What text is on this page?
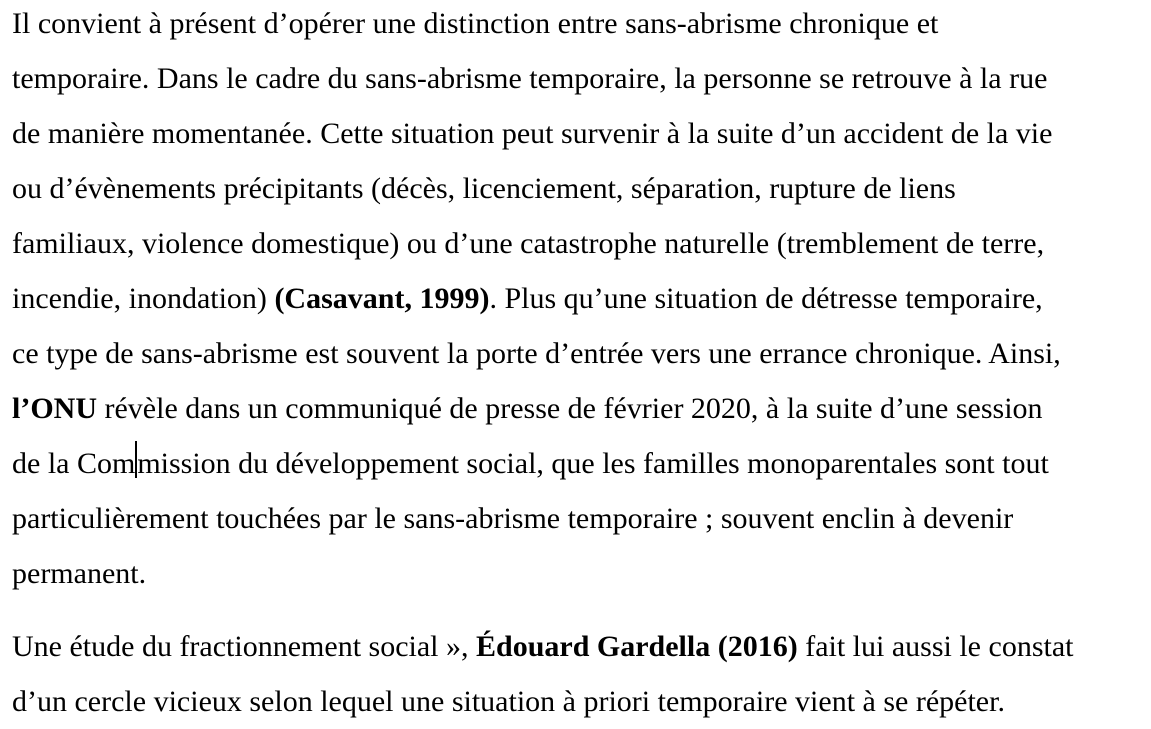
Il convient à présent d’opérer une distinction entre sans-abrisme chronique et
temporaire. Dans le cadre du sans-abrisme temporaire, la personne se retrouve à la rue
de manière momentanée. Cette situation peut survenir à la suite d’un accident de la vie
ou d’évènements précipitants (décès, licenciement, séparation, rupture de liens
familiaux, violence domestique) ou d’une catastrophe naturelle (tremblement de terre,
incendie, inondation) (Casavant, 1999). Plus qu’une situation de détresse temporaire,
ce type de sans-abrisme est souvent la porte d’entrée vers une errance chronique. Ainsi,
l’ONU révèle dans un communiqué de presse de février 2020, à la suite d’une session
de la Commission du développement social, que les familles monoparentales sont tout
particulièrement touchées par le sans-abrisme temporaire ; souvent enclin à devenir
permanent.
Une étude du fractionnement social », Édouard Gardella (2016) fait lui aussi le constat
d’un cercle vicieux selon lequel une situation à priori temporaire vient à se répéter.
